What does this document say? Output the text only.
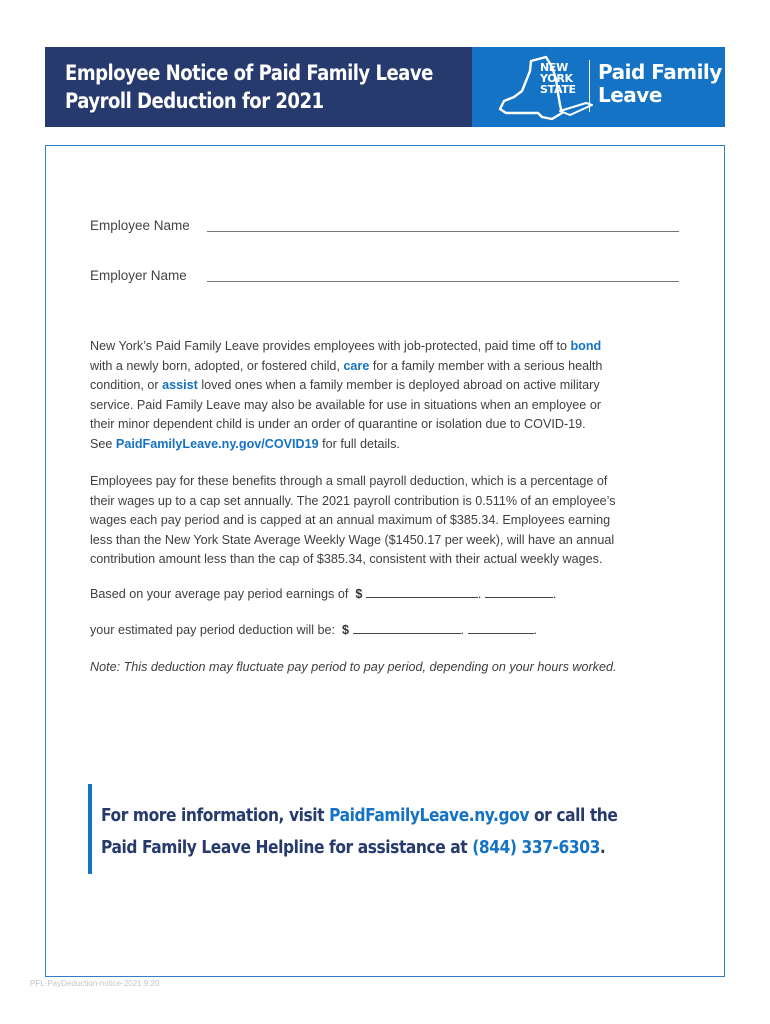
Employee Notice of Paid Family Leave
Payroll Deduction for 2021
NEW
YORK
STATE
Paid Family
Leave
Employee Name
Employer Name
New York’s Paid Family Leave provides employees with job-protected, paid time off to bond
with a newly born, adopted, or fostered child, care for a family member with a serious health
condition, or assist loved ones when a family member is deployed abroad on active military
service. Paid Family Leave may also be available for use in situations when an employee or
their minor dependent child is under an order of quarantine or isolation due to COVID-19.
See PaidFamilyLeave.ny.gov/COVID19 for full details.

Employees pay for these benefits through a small payroll deduction, which is a percentage of
their wages up to a cap set annually. The 2021 payroll contribution is 0.511% of an employee’s
wages each pay period and is capped at an annual maximum of $385.34. Employees earning
less than the New York State Average Weekly Wage ($1450.17 per week), will have an annual
contribution amount less than the cap of $385.34, consistent with their actual weekly wages.

Based on your average pay period earnings of $	.	.
your estimated pay period deduction will be: $	.	.
Note: This deduction may fluctuate pay period to pay period, depending on your hours worked.
For more information, visit PaidFamilyLeave.ny.gov or call the
Paid Family Leave Helpline for assistance at (844) 337-6303.
PFL-PayDeduction-notice-2021 9.20
